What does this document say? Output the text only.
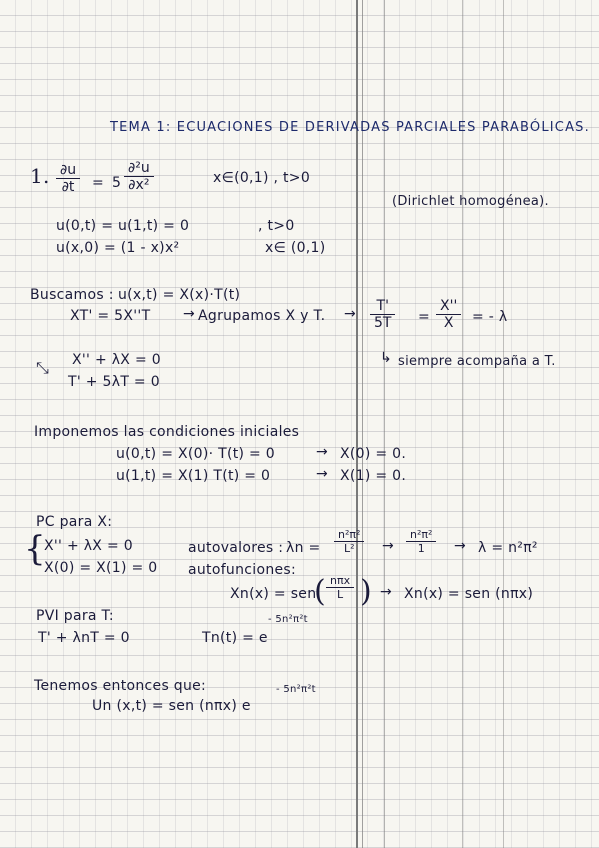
TEMA 1: ECUACIONES DE DERIVADAS PARCIALES PARABÓLICAS.
1. ∂u
∂t = 5
∂²u
∂x²	x∈(0,1) , t>0
(Dirichlet homogénea).
u(0,t) = u(1,t) = 0	, t>0
u(x,0) = (1 - x)x²	x∈ (0,1)
Buscamos : u(x,t) = X(x)·T(t)
XT' = 5X''T → Agrupamos X y T. → T'
5T =
X''
X = - λ
↳ siempre acompaña a T.
⤡ X'' + λX = 0
T' + 5λT = 0
Imponemos las condiciones iniciales
u(0,t) = X(0)· T(t) = 0	→ X(0) = 0.
u(1,t) = X(1) T(t) = 0	→ X(1) = 0.
PC para X:
{
X'' + λX = 0
X(0) = X(1) = 0
autovalores : λn =
n²π²
L² →
n²π²
1 → λ = n²π²
autofunciones:
Xn(x) = sen
( nπx
L ) → Xn(x) = sen (nπx)
PVI para T:
T' + λnT = 0	Tn(t) = e
- 5n²π²t
Tenemos entonces que:
Un (x,t) = sen (nπx) e
- 5n²π²t
